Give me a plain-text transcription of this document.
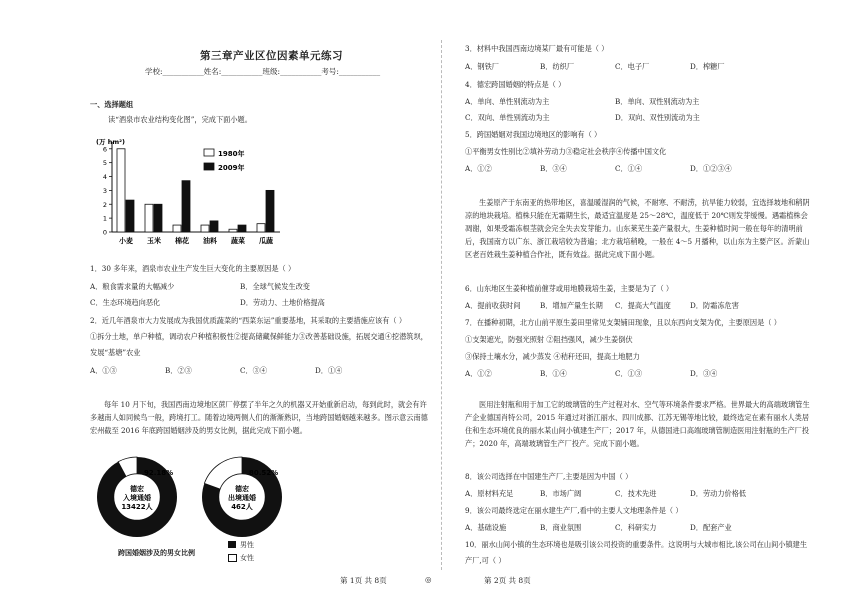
第三章产业区位因素单元练习
学校:___________姓名:___________班级:___________考号:___________
一、选择题组
读“酒泉市农业结构变化图”，完成下面小题。
(万 hm²)
0
1
2
3
4
5
6
小麦 玉米 棉花 油料 蔬菜 瓜蔬
1980年
2009年
1．30 多年来，酒泉市农业生产发生巨大变化的主要原因是（ ）
A．粮食需求量的大幅减少	B．全球气候发生改变
C．生态环境趋向恶化	D．劳动力、土地价格提高
2．近几年酒泉市大力发展成为我国优质蔬菜的“西菜东运”重要基地，其采取的主要措施应该有（ ）
①拆分土地，单户种植，调动农户种植积极性②提高储藏保鲜能力③改善基础设施，拓展交通④挖潜筑坝，
发展“基塘”农业
A．①③	B．②③	C．③④	D．①④
每年 10 月下旬，我国西南边境地区蔗厂停摆了半年之久的机器又开始重新启动，每到此时，就会有许多越南人如同候鸟一般，跨境打工。随着边境两侧人们的渐渐熟识，当地跨国婚姻越来越多。图示意云南德宏州截至 2016 年底跨国婚姻涉及的男女比例，据此完成下面小题。
德宏
入境通婚
13422人
92.18%
德宏
出境通婚
462人
80.52%
跨国婚姻涉及的男女比例
男性
女性
3．材料中我国西南边境某厂最有可能是（ ）
A．钢铁厂	B．纺织厂	C．电子厂	D．榨糖厂
4．德宏跨国婚姻的特点是（ ）
A．单向、单性别流动为主	B．单向、双性别流动为主
C．双向、单性别流动为主	D．双向、双性别流动为主
5．跨国婚姻对我国边境地区的影响有（ ）
①平衡男女性别比②填补劳动力③稳定社会秩序④传播中国文化
A．①②	B．③④	C．①④	D．①②③④
生姜原产于东南亚的热带地区，喜温暖湿润的气候，不耐寒、不耐涝，抗旱能力较弱，宜选择坡地和稍阴凉的地块栽培。植株只能在无霜期生长，最适宜温度是 25～28℃，温度低于 20℃则发芽缓慢。遇霜植株会凋谢，如果受霜冻根茎就会完全失去发芽能力。山东莱芜生姜产量很大，生姜种植时间一般在每年的清明前后，我国南方以广东、浙江栽培较为普遍；北方栽培稍晚，一般在 4～5 月播种，以山东为主要产区。沂蒙山区老百姓栽生姜种植合作社，既有效益。据此完成下面小题。
6．山东地区生姜种植前催芽或用地膜栽培生姜，主要是为了（ ）
A．提前收获时间	B．增加产量生长期 C．提高大气温度	D．防霜冻危害
7．在播种初期，北方山前平原生姜田里常见支架铺田现象，且以东西向支架为优，主要原因是（ ）
①支架遮光，防强光照射 ②阻挡强风，减少生姜倒伏
③保持土壤水分，减少蒸发 ④秸秆还田，提高土地肥力
A．①②	B．①④	C．①③	D．③④
医用注射瓶和用于加工它的玻璃管的生产过程对水、空气等环境条件要求严格。世界最大的高端玻璃管生产企业德国肖特公司，2015 年通过对浙江丽水、四川成都、江苏无锡等地比较，最终选定在素有丽水人类居住和生态环境优良的丽水某山间小镇建生产厂；2017 年，从德国进口高端玻璃管制造医用注射瓶的生产厂投产；2020 年，高端玻璃管生产厂投产。完成下面小题。
8．该公司选择在中国建生产厂,主要是因为中国（ ）
A．原材料充足	B．市场广阔	C．技术先进	D．劳动力价格低
9．该公司最终选定在丽水建生产厂,看中的主要人文地理条件是（ ）
A．基础设施	B．商业氛围	C．科研实力	D．配套产业
10．丽水山间小镇的生态环境也是吸引该公司投资的重要条件。这说明与大城市相比,该公司在山间小镇建生
产厂,可（ ）
第 1页 共 8页	◎	第 2页 共 8页
